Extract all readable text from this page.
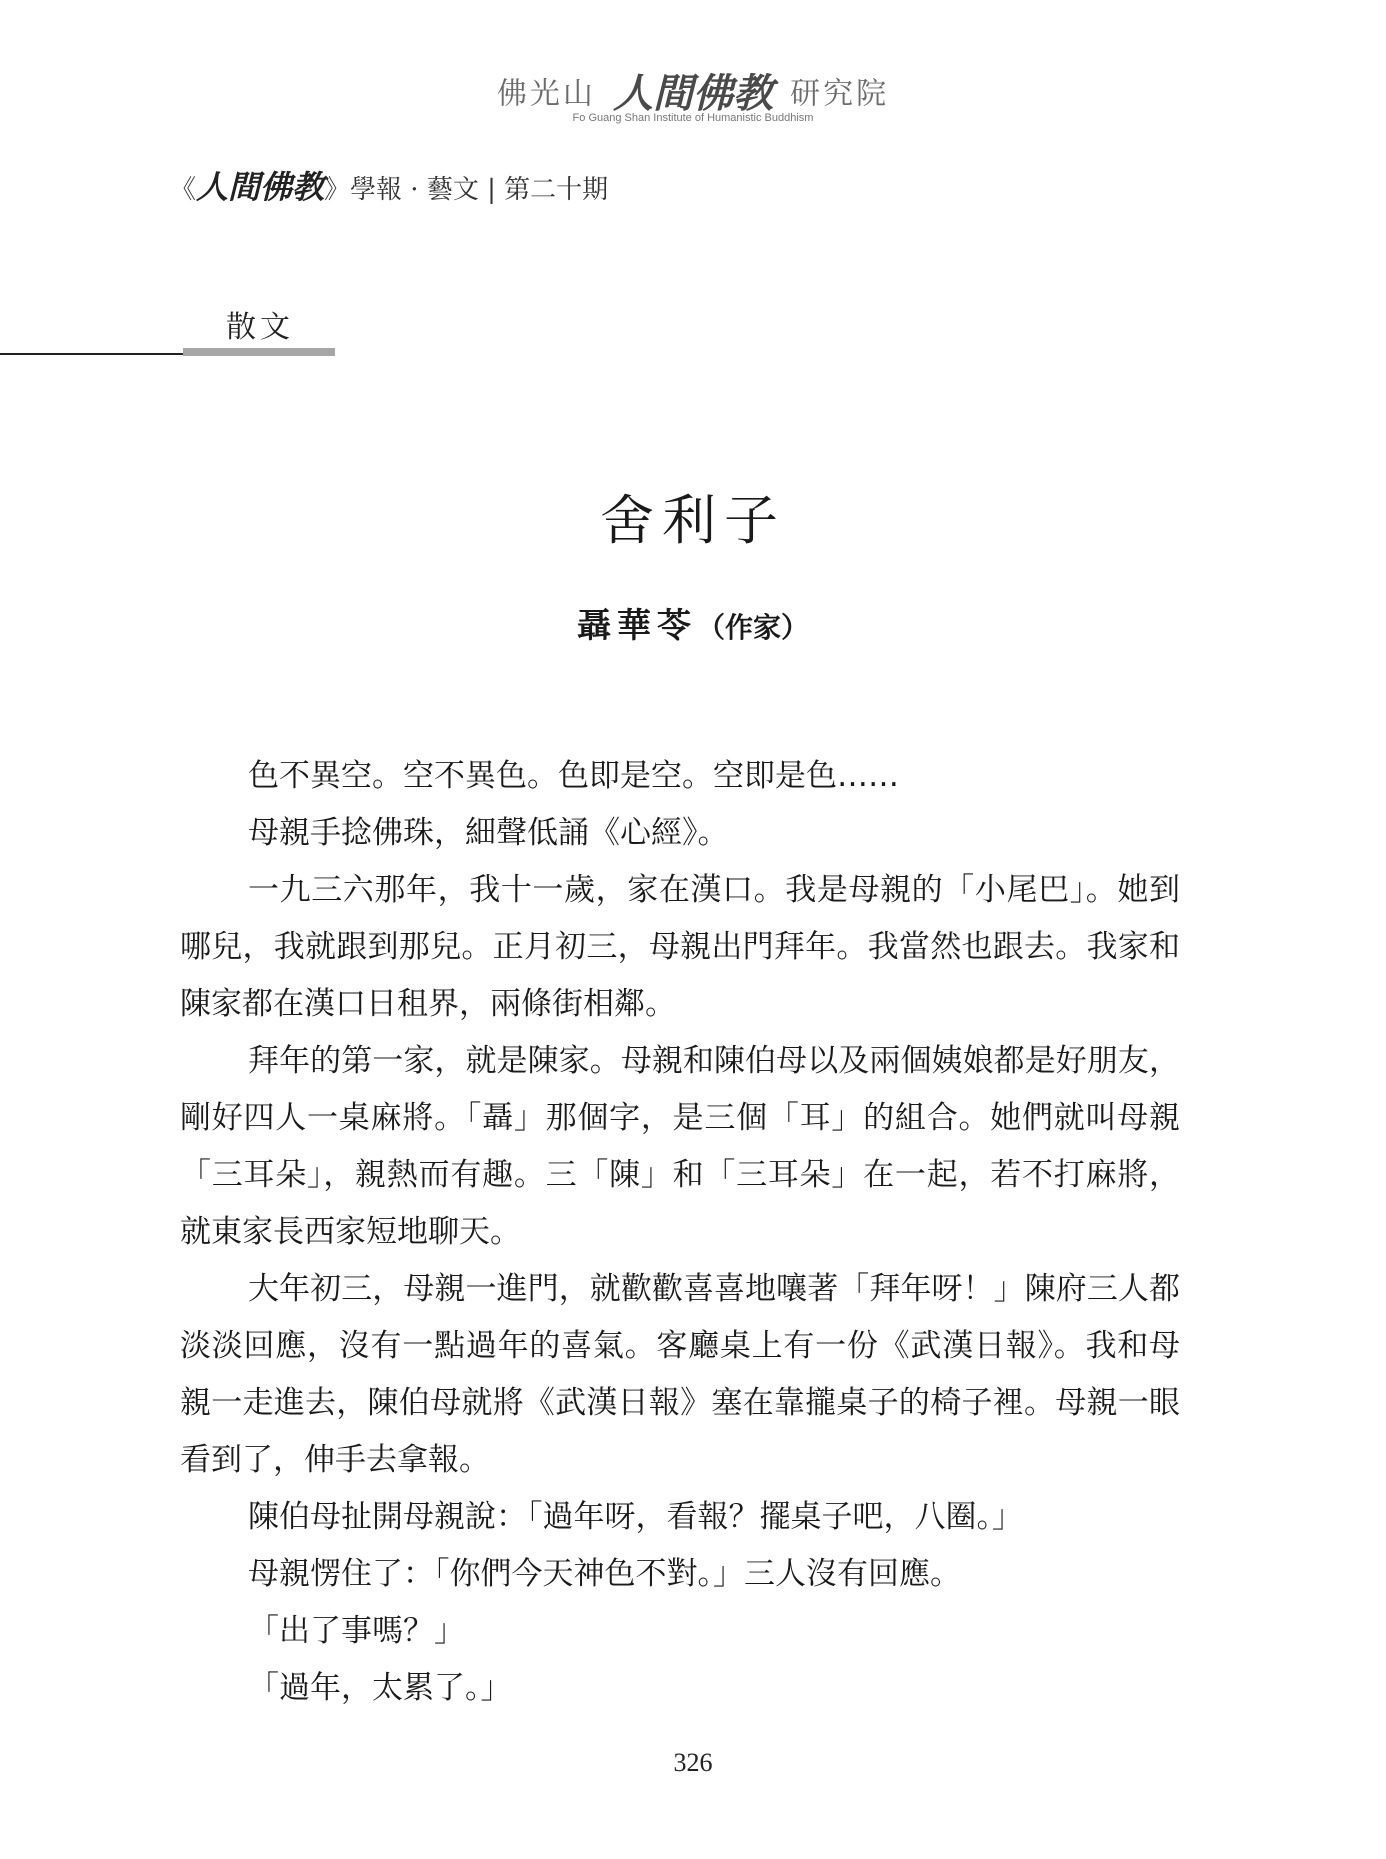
佛光山 人間佛教 研究院
Fo Guang Shan Institute of Humanistic Buddhism
《人間佛教》學報 · 藝文 | 第二十期
散文
舍利子
聶華苓（作家）

色不異空。空不異色。色即是空。空即是色……

母親手捻佛珠，細聲低誦《心經》。

一九三六那年，我十一歲，家在漢口。我是母親的「小尾巴」。她到哪兒，我就跟到那兒。正月初三，母親出門拜年。我當然也跟去。我家和陳家都在漢口日租界，兩條街相鄰。

拜年的第一家，就是陳家。母親和陳伯母以及兩個姨娘都是好朋友，剛好四人一桌麻將。「聶」那個字，是三個「耳」的組合。她們就叫母親「三耳朵」，親熱而有趣。三「陳」和「三耳朵」在一起，若不打麻將，就東家長西家短地聊天。

大年初三，母親一進門，就歡歡喜喜地嚷著「拜年呀！」陳府三人都淡淡回應，沒有一點過年的喜氣。客廳桌上有一份《武漢日報》。我和母親一走進去，陳伯母就將《武漢日報》塞在靠攏桌子的椅子裡。母親一眼看到了，伸手去拿報。

陳伯母扯開母親說：「過年呀，看報？擺桌子吧，八圈。」

母親愣住了：「你們今天神色不對。」三人沒有回應。

「出了事嗎？」

「過年，太累了。」

326
